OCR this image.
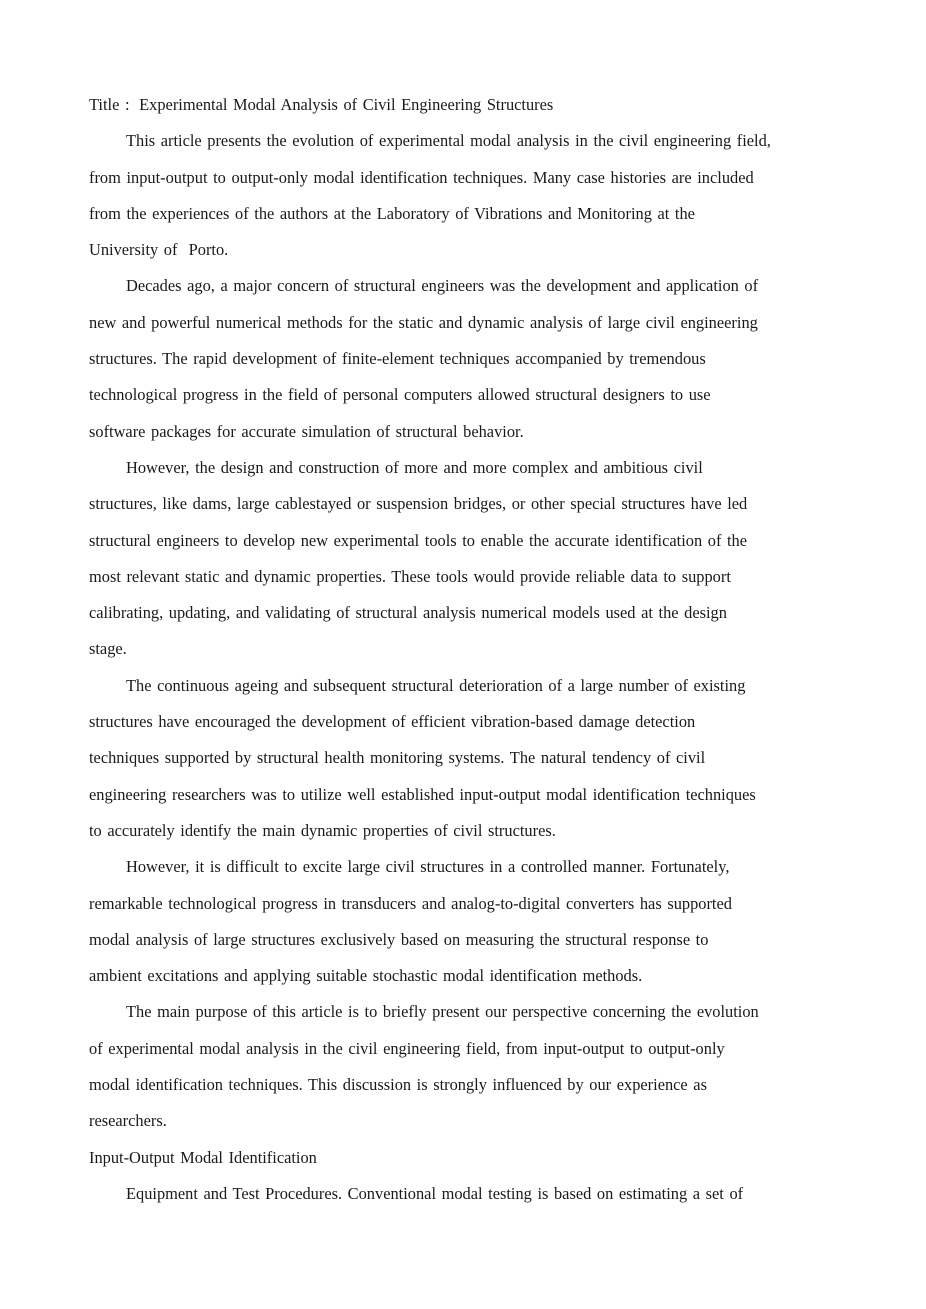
Title : Experimental Modal Analysis of Civil Engineering Structures

This article presents the evolution of experimental modal analysis in the civil engineering field,
from input-output to output-only modal identification techniques. Many case histories are included
from the experiences of the authors at the Laboratory of Vibrations and Monitoring at the
University of  Porto.

Decades ago, a major concern of structural engineers was the development and application of
new and powerful numerical methods for the static and dynamic analysis of large civil engineering
structures. The rapid development of finite-element techniques accompanied by tremendous
technological progress in the field of personal computers allowed structural designers to use
software packages for accurate simulation of structural behavior.

However, the design and construction of more and more complex and ambitious civil
structures, like dams, large cablestayed or suspension bridges, or other special structures have led
structural engineers to develop new experimental tools to enable the accurate identification of the
most relevant static and dynamic properties. These tools would provide reliable data to support
calibrating, updating, and validating of structural analysis numerical models used at the design
stage.

The continuous ageing and subsequent structural deterioration of a large number of existing
structures have encouraged the development of efficient vibration-based damage detection
techniques supported by structural health monitoring systems. The natural tendency of civil
engineering researchers was to utilize well established input-output modal identification techniques
to accurately identify the main dynamic properties of civil structures.

However, it is difficult to excite large civil structures in a controlled manner. Fortunately,
remarkable technological progress in transducers and analog-to-digital converters has supported
modal analysis of large structures exclusively based on measuring the structural response to
ambient excitations and applying suitable stochastic modal identification methods.

The main purpose of this article is to briefly present our perspective concerning the evolution
of experimental modal analysis in the civil engineering field, from input-output to output-only
modal identification techniques. This discussion is strongly influenced by our experience as
researchers.

Input-Output Modal Identification

Equipment and Test Procedures. Conventional modal testing is based on estimating a set of
